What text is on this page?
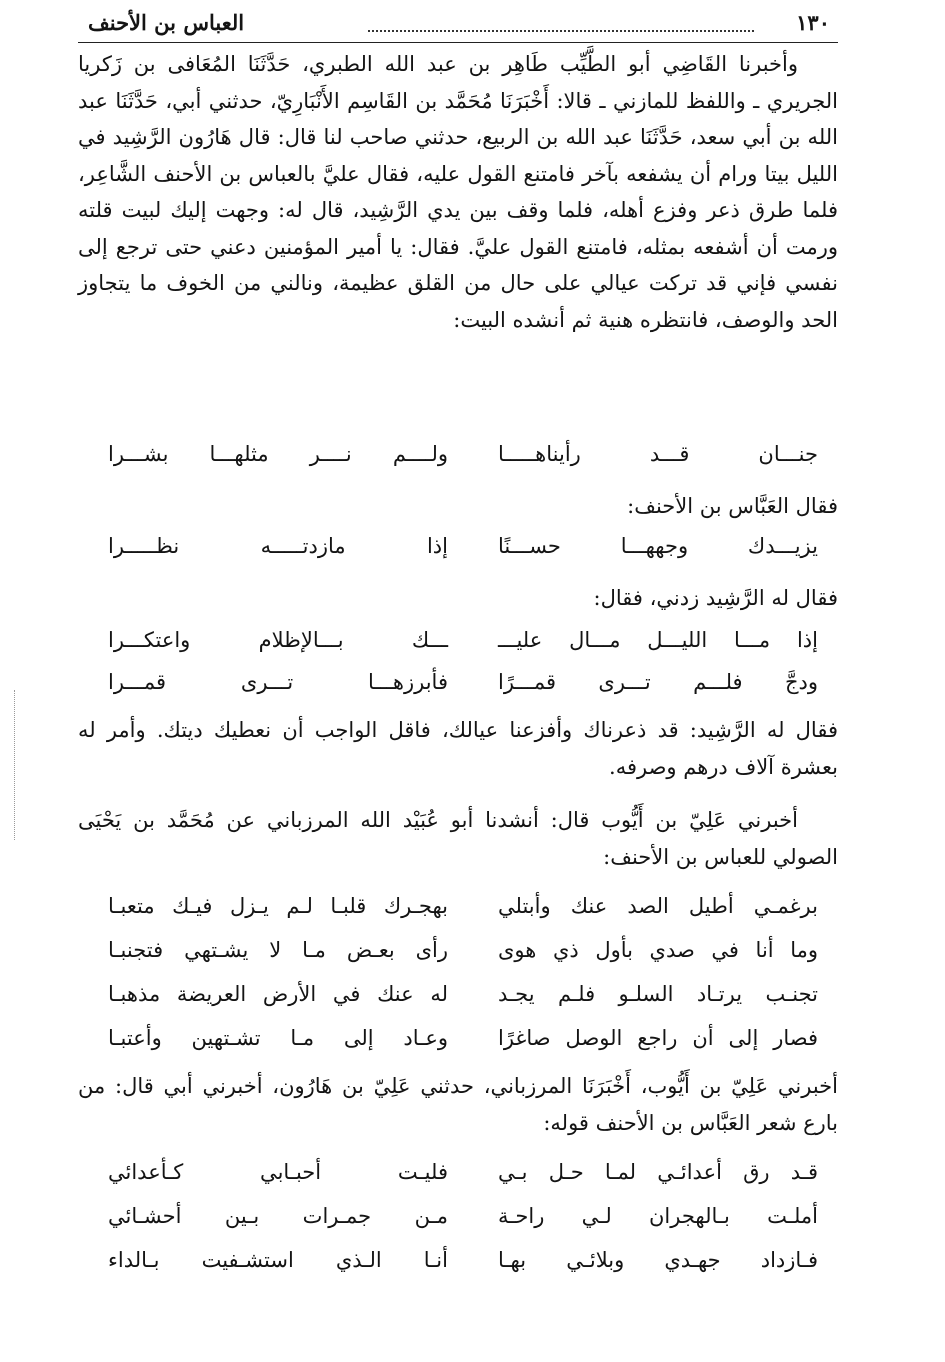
١٣٠
العباس بن الأحنف
وأخبرنا القَاضِي أبو الطَّيِّب طَاهِر بن عبد الله الطبري، حَدَّثَنَا المُعَافى بن زَكريا الجريري ـ واللفظ للمازني ـ قالا: أَخْبَرَنَا مُحَمَّد بن القَاسِم الأَنْبَارِيّ، حدثني أبي، حَدَّثَنَا عبد الله بن أبي سعد، حَدَّثَنَا عبد الله بن الربيع، حدثني صاحب لنا قال: قال هَارُون الرَّشِيد في الليل بيتا ورام أن يشفعه بآخر فامتنع القول عليه، فقال عليَّ بالعباس بن الأحنف الشَّاعِر، فلما طرق ذعر وفزع أهله، فلما وقف بين يدي الرَّشِيد، قال له: وجهت إليك لبيت قلته ورمت أن أشفعه بمثله، فامتنع القول عليَّ. فقال: يا أمير المؤمنين دعني حتى ترجع إلى نفسي فإني قد تركت عيالي على حال من القلق عظيمة، ونالني من الخوف ما يتجاوز الحد والوصف، فانتظره هنية ثم أنشده البيت:
جنـــان قـــد رأيناهـــــا
ولــــم نــــر مثلهـــا بشـــرا
فقال العَبَّاس بن الأحنف:
يزيـــدك وجههـــا حســـنًا
إذا مازدتـــــه نظـــــرا
فقال له الرَّشِيد زدني، فقال:
إذا مـــا الليـــل مـــال عليـــ
ـــك بـــالإظلام واعتكـــرا
ودجَّ فلـــم تـــرى قمـــرًا
فأبرزهـــا تـــرى قمـــرا
فقال له الرَّشِيد: قد ذعرناك وأفزعنا عيالك، فاقل الواجب أن نعطيك ديتك. وأمر له بعشرة آلاف درهم وصرفه.
أخبرني عَلِيّ بن أَيُّوب قال: أنشدنا أبو عُبَيْد الله المرزباني عن مُحَمَّد بن يَحْيَى الصولي للعباس بن الأحنف:
برغمـي أطيل الصد عنك وأبتلي
بهجـرك قلبـا لـم يـزل فيـك متعبـا
وما أنا في صدي بأول ذي هوى
رأى بعـض مـا لا يشـتهي فتجنبـا
تجنـب يرتـاد السلـو فلـم يجـد
له عنك في الأرض العريضة مذهبـا
فصار إلى أن راجع الوصل صاغرًا
وعـاد إلى مـا تشـتهين وأعتبـا
أخبرني عَلِيّ بن أَيُّوب، أَخْبَرَنَا المرزباني، حدثني عَلِيّ بن هَارُون، أخبرني أبي قال: من بارع شعر العَبَّاس بن الأحنف قوله:
قـد رق أعدائـي لمـا حـل بـي
فليـت أحبـابي كـأعدائي
أملـت بـالهجران لـي راحـة
مـن جمـرات بـين أحشـائي
فـازداد جهـدي وبلائـي بهـا
أنـا الـذي استشـفيت بـالداء
